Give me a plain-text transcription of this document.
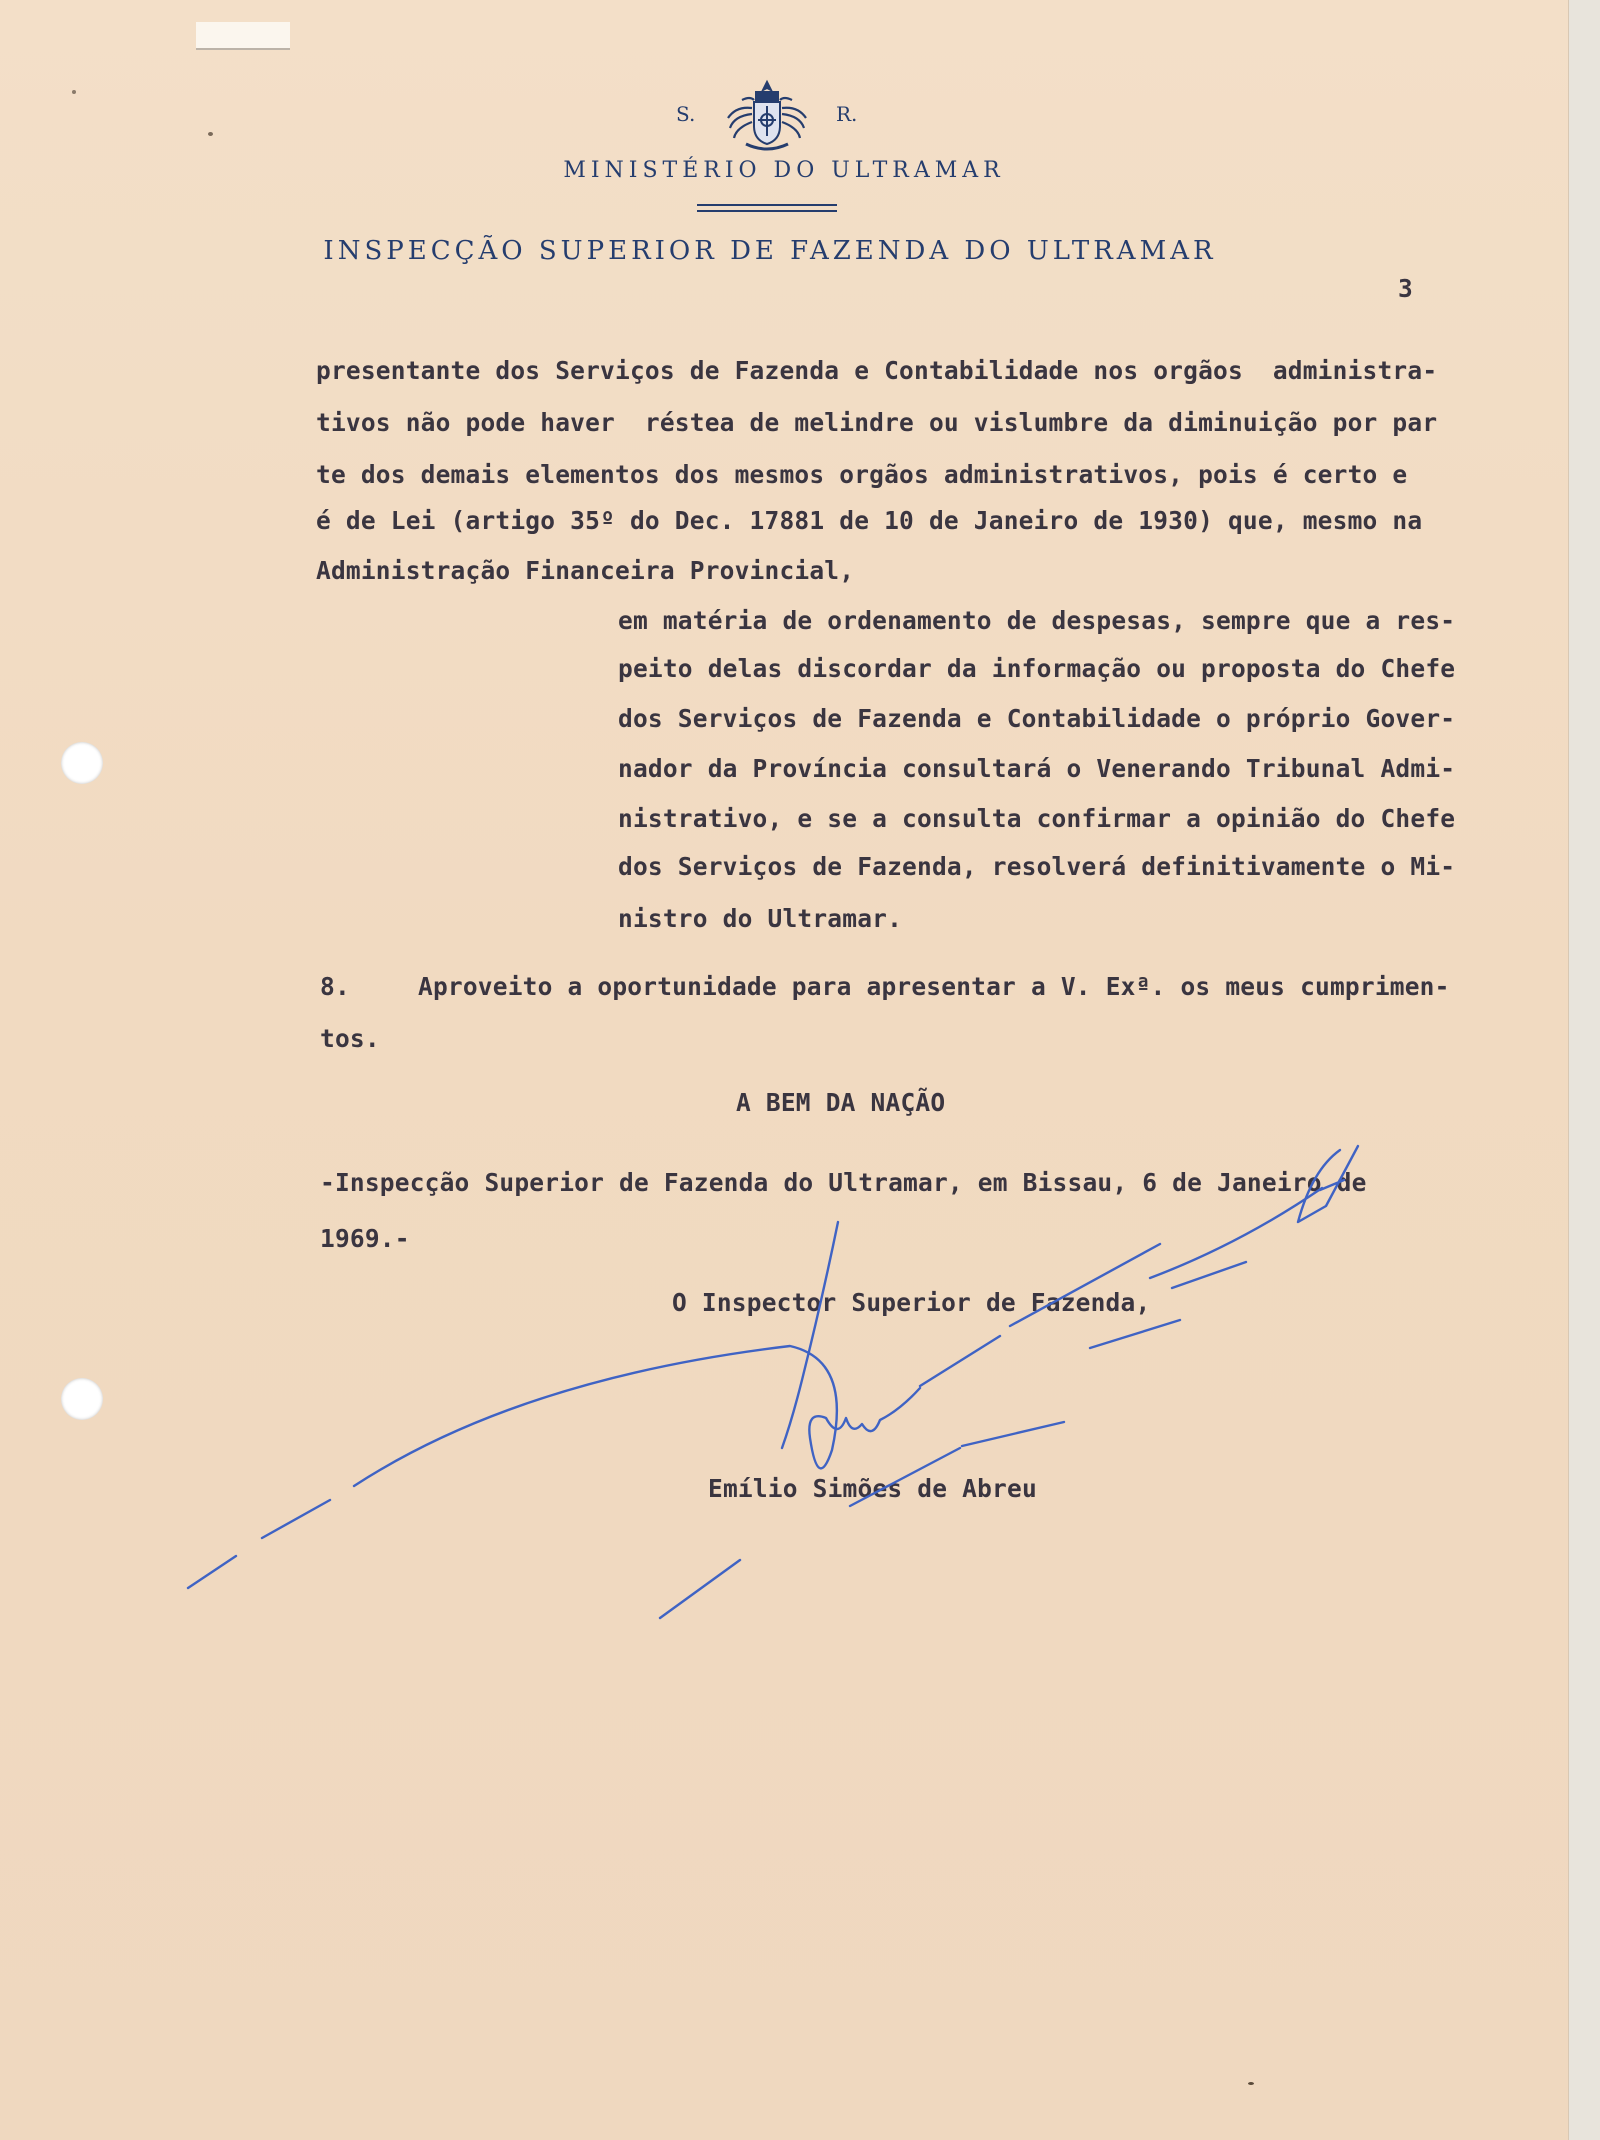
S.	R.
MINISTÉRIO DO ULTRAMAR
INSPECÇÃO SUPERIOR DE FAZENDA DO ULTRAMAR
3
presentante dos Serviços de Fazenda e Contabilidade nos orgãos  administra-
tivos não pode haver  réstea de melindre ou vislumbre da diminuição por par
te dos demais elementos dos mesmos orgãos administrativos, pois é certo e
é de Lei (artigo 35º do Dec. 17881 de 10 de Janeiro de 1930) que, mesmo na
Administração Financeira Provincial,
em matéria de ordenamento de despesas, sempre que a res-
peito delas discordar da informação ou proposta do Chefe
dos Serviços de Fazenda e Contabilidade o próprio Gover-
nador da Província consultará o Venerando Tribunal Admi-
nistrativo, e se a consulta confirmar a opinião do Chefe
dos Serviços de Fazenda, resolverá definitivamente o Mi-
nistro do Ultramar.
8.	Aproveito a oportunidade para apresentar a V. Exª. os meus cumprimen-
tos.
A BEM DA NAÇÃO
-Inspecção Superior de Fazenda do Ultramar, em Bissau, 6 de Janeiro de
1969.-
O Inspector Superior de Fazenda,
Emílio Simões de Abreu
